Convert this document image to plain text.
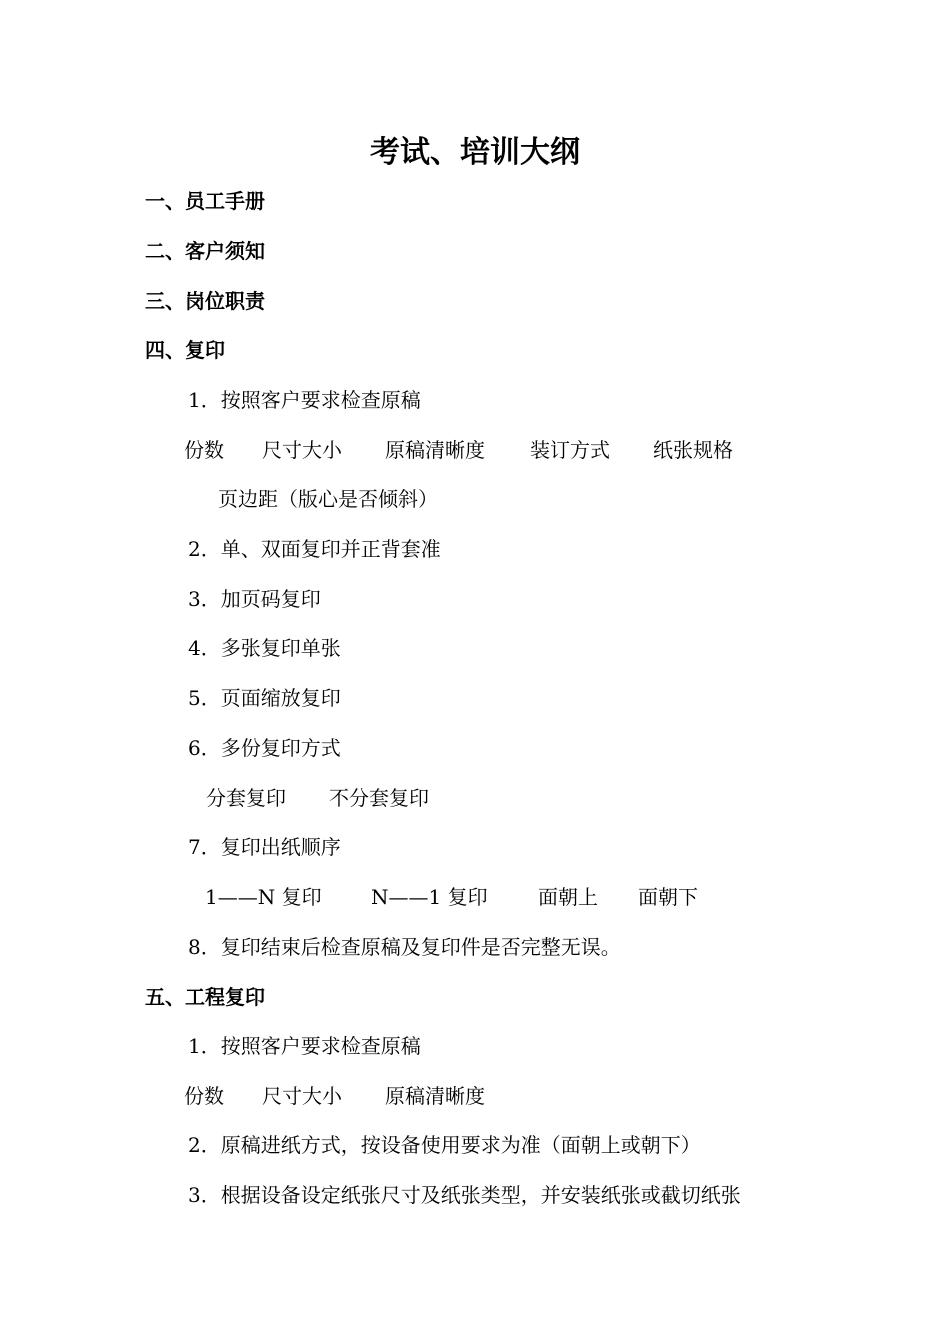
考试、培训大纲
一、员工手册
二、客户须知
三、岗位职责
四、复印
1．按照客户要求检查原稿
份数 尺寸大小 原稿清晰度 装订方式 纸张规格
页边距（版心是否倾斜）
2．单、双面复印并正背套准
3．加页码复印
4．多张复印单张
5．页面缩放复印
6．多份复印方式
分套复印 不分套复印
7．复印出纸顺序
1——N 复印 N——1 复印	面朝上 面朝下
8．复印结束后检查原稿及复印件是否完整无误。
五、工程复印
1．按照客户要求检查原稿
份数 尺寸大小 原稿清晰度
2．原稿进纸方式，按设备使用要求为准（面朝上或朝下）
3．根据设备设定纸张尺寸及纸张类型，并安装纸张或截切纸张
